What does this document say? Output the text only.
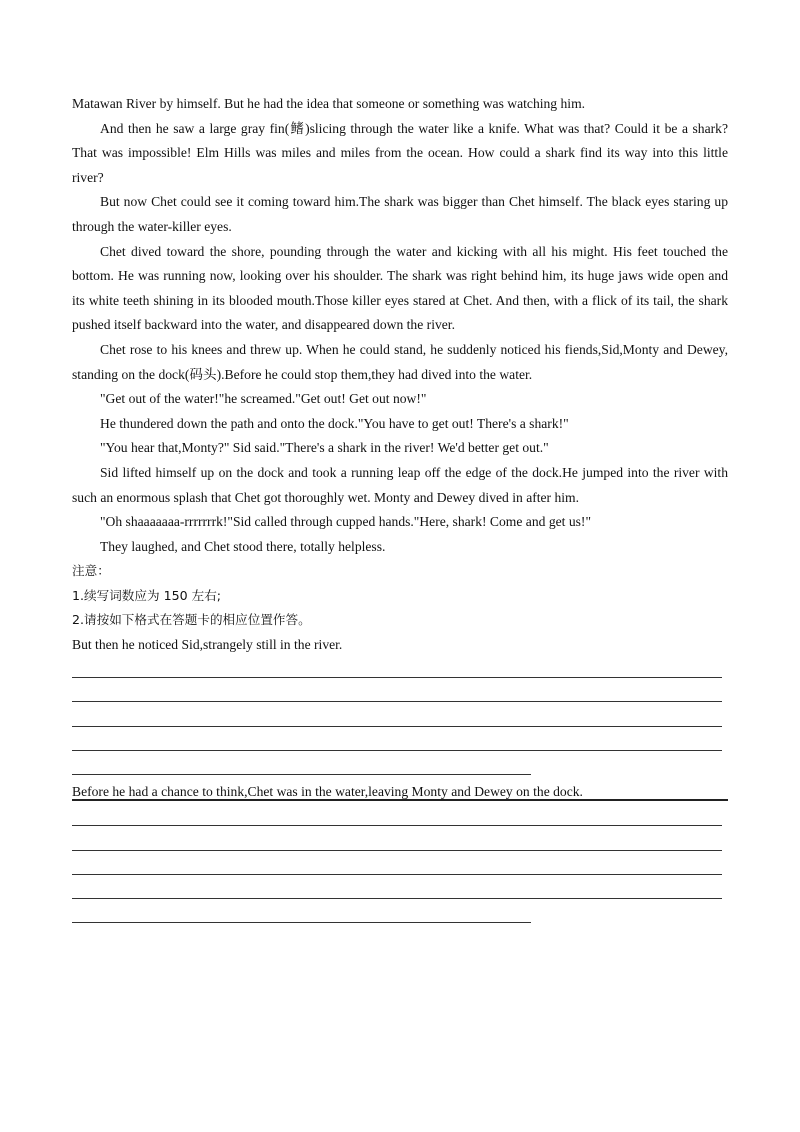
Matawan River by himself. But he had the idea that someone or something was watching him.

And then he saw a large gray fin(鳍)slicing through the water like a knife. What was that? Could it be a shark? That was impossible! Elm Hills was miles and miles from the ocean. How could a shark find its way into this little river?

But now Chet could see it coming toward him.The shark was bigger than Chet himself. The black eyes staring up through the water-killer eyes.

Chet dived toward the shore, pounding through the water and kicking with all his might. His feet touched the bottom. He was running now, looking over his shoulder. The shark was right behind him, its huge jaws wide open and its white teeth shining in its blooded mouth.Those killer eyes stared at Chet. And then, with a flick of its tail, the shark pushed itself backward into the water, and disappeared down the river.

Chet rose to his knees and threw up. When he could stand, he suddenly noticed his fiends,Sid,Monty and Dewey, standing on the dock(码头).Before he could stop them,they had dived into the water.

"Get out of the water!"he screamed."Get out! Get out now!"

He thundered down the path and onto the dock."You have to get out! There's a shark!"

"You hear that,Monty?" Sid said."There's a shark in the river! We'd better get out."

Sid lifted himself up on the dock and took a running leap off the edge of the dock.He jumped into the river with such an enormous splash that Chet got thoroughly wet. Monty and Dewey dived in after him.

"Oh shaaaaaaa-rrrrrrrk!"Sid called through cupped hands."Here, shark! Come and get us!"

They laughed, and Chet stood there, totally helpless.

注意：

1.续写词数应为 150 左右;

2.请按如下格式在答题卡的相应位置作答。

But then he noticed Sid,strangely still in the river.

Before he had a chance to think,Chet was in the water,leaving Monty and Dewey on the dock.
